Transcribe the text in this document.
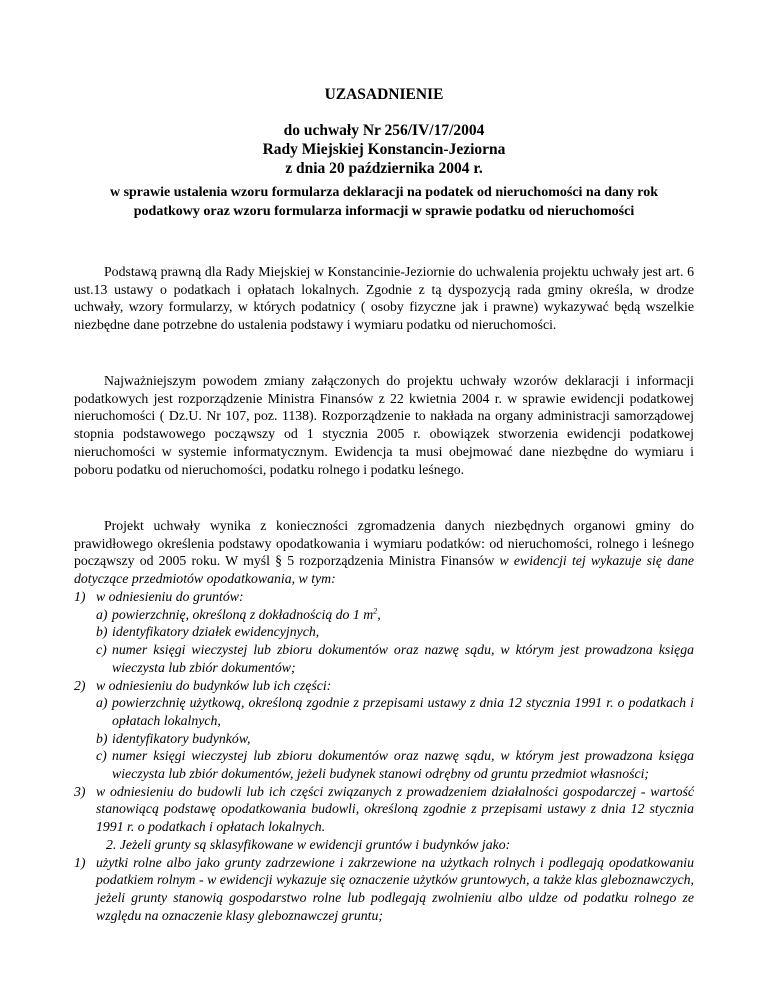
UZASADNIENIE
do uchwały Nr 256/IV/17/2004
Rady Miejskiej Konstancin-Jeziorna
z dnia 20 października 2004 r.
w sprawie ustalenia wzoru formularza deklaracji na podatek od nieruchomości na dany rok podatkowy oraz wzoru formularza informacji w sprawie podatku od nieruchomości
Podstawą prawną dla Rady Miejskiej w Konstancinie-Jeziornie do uchwalenia projektu uchwały jest art. 6 ust.13 ustawy o podatkach i opłatach lokalnych. Zgodnie z tą dyspozycją rada gminy określa, w drodze uchwały, wzory formularzy, w których podatnicy ( osoby fizyczne jak i prawne) wykazywać będą wszelkie niezbędne dane potrzebne do ustalenia podstawy i wymiaru podatku od nieruchomości.
Najważniejszym powodem zmiany załączonych do projektu uchwały wzorów deklaracji i informacji podatkowych jest rozporządzenie Ministra Finansów z 22 kwietnia 2004 r. w sprawie ewidencji podatkowej nieruchomości ( Dz.U. Nr 107, poz. 1138). Rozporządzenie to nakłada na organy administracji samorządowej stopnia podstawowego począwszy od 1 stycznia 2005 r. obowiązek stworzenia ewidencji podatkowej nieruchomości w systemie informatycznym. Ewidencja ta musi obejmować dane niezbędne do wymiaru i poboru podatku od nieruchomości, podatku rolnego i podatku leśnego.
Projekt uchwały wynika z konieczności zgromadzenia danych niezbędnych organowi gminy do prawidłowego określenia podstawy opodatkowania i wymiaru podatków: od nieruchomości, rolnego i leśnego począwszy od 2005 roku. W myśl § 5 rozporządzenia Ministra Finansów w ewidencji tej wykazuje się dane dotyczące przedmiotów opodatkowania, w tym:
1) w odniesieniu do gruntów:
a) powierzchnię, określoną z dokładnością do 1 $m^2$,
b) identyfikatory działek ewidencyjnych,
c) numer księgi wieczystej lub zbioru dokumentów oraz nazwę sądu, w którym jest prowadzona księga wieczysta lub zbiór dokumentów;
2) w odniesieniu do budynków lub ich części:
a) powierzchnię użytkową, określoną zgodnie z przepisami ustawy z dnia 12 stycznia 1991 r. o podatkach i opłatach lokalnych,
b) identyfikatory budynków,
c) numer księgi wieczystej lub zbioru dokumentów oraz nazwę sądu, w którym jest prowadzona księga wieczysta lub zbiór dokumentów, jeżeli budynek stanowi odrębny od gruntu przedmiot własności;
3) w odniesieniu do budowli lub ich części związanych z prowadzeniem działalności gospodarczej - wartość stanowiącą podstawę opodatkowania budowli, określoną zgodnie z przepisami ustawy z dnia 12 stycznia 1991 r. o podatkach i opłatach lokalnych.
2. Jeżeli grunty są sklasyfikowane w ewidencji gruntów i budynków jako:
1) użytki rolne albo jako grunty zadrzewione i zakrzewione na użytkach rolnych i podlegają opodatkowaniu podatkiem rolnym - w ewidencji wykazuje się oznaczenie użytków gruntowych, a także klas gleboznawczych, jeżeli grunty stanowią gospodarstwo rolne lub podlegają zwolnieniu albo uldze od podatku rolnego ze względu na oznaczenie klasy gleboznawczej gruntu;
